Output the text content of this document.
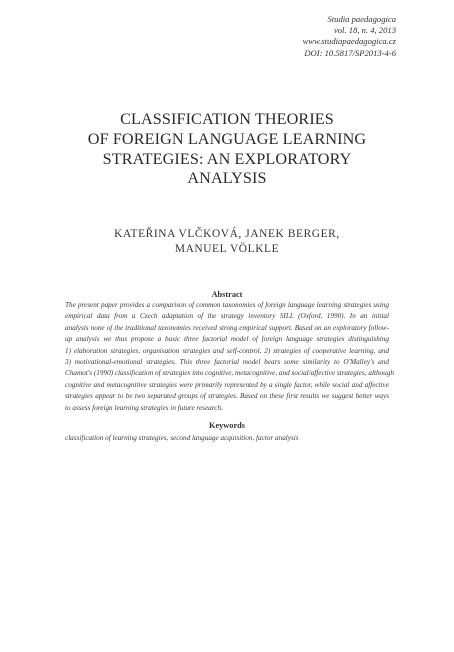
Studia paedagogica
vol. 18, n. 4, 2013
www.studiapaedagogica.cz
DOI: 10.5817/SP2013-4-6
CLASSIFICATION THEORIES
OF FOREIGN LANGUAGE LEARNING
STRATEGIES: AN EXPLORATORY
ANALYSIS
KATEŘINA VLČKOVÁ, JANEK BERGER,
MANUEL VÖLKLE
Abstract
The present paper provides a comparison of common taxonomies of foreign language learning strategies using
empirical data from a Czech adaptation of the strategy inventory SILL (Oxford, 1990). In an initial
analysis none of the traditional taxonomies received strong empirical support. Based on an exploratory follow-
up analysis we thus propose a basic three factorial model of foreign language strategies distinguishing
1) elaboration strategies, organisation strategies and self-control, 2) strategies of cooperative learning, and
3) motivational-emotional strategies. This three factorial model bears some similarity to O'Malley's and
Chamot's (1990) classification of strategies into cognitive, metacognitive, and social/affective strategies, although
cognitive and metacognitive strategies were primarily represented by a single factor, while social and affective
strategies appear to be two separated groups of strategies. Based on these first results we suggest better ways
to assess foreign learning strategies in future research.
Keywords
classification of learning strategies, second language acquisition, factor analysis
